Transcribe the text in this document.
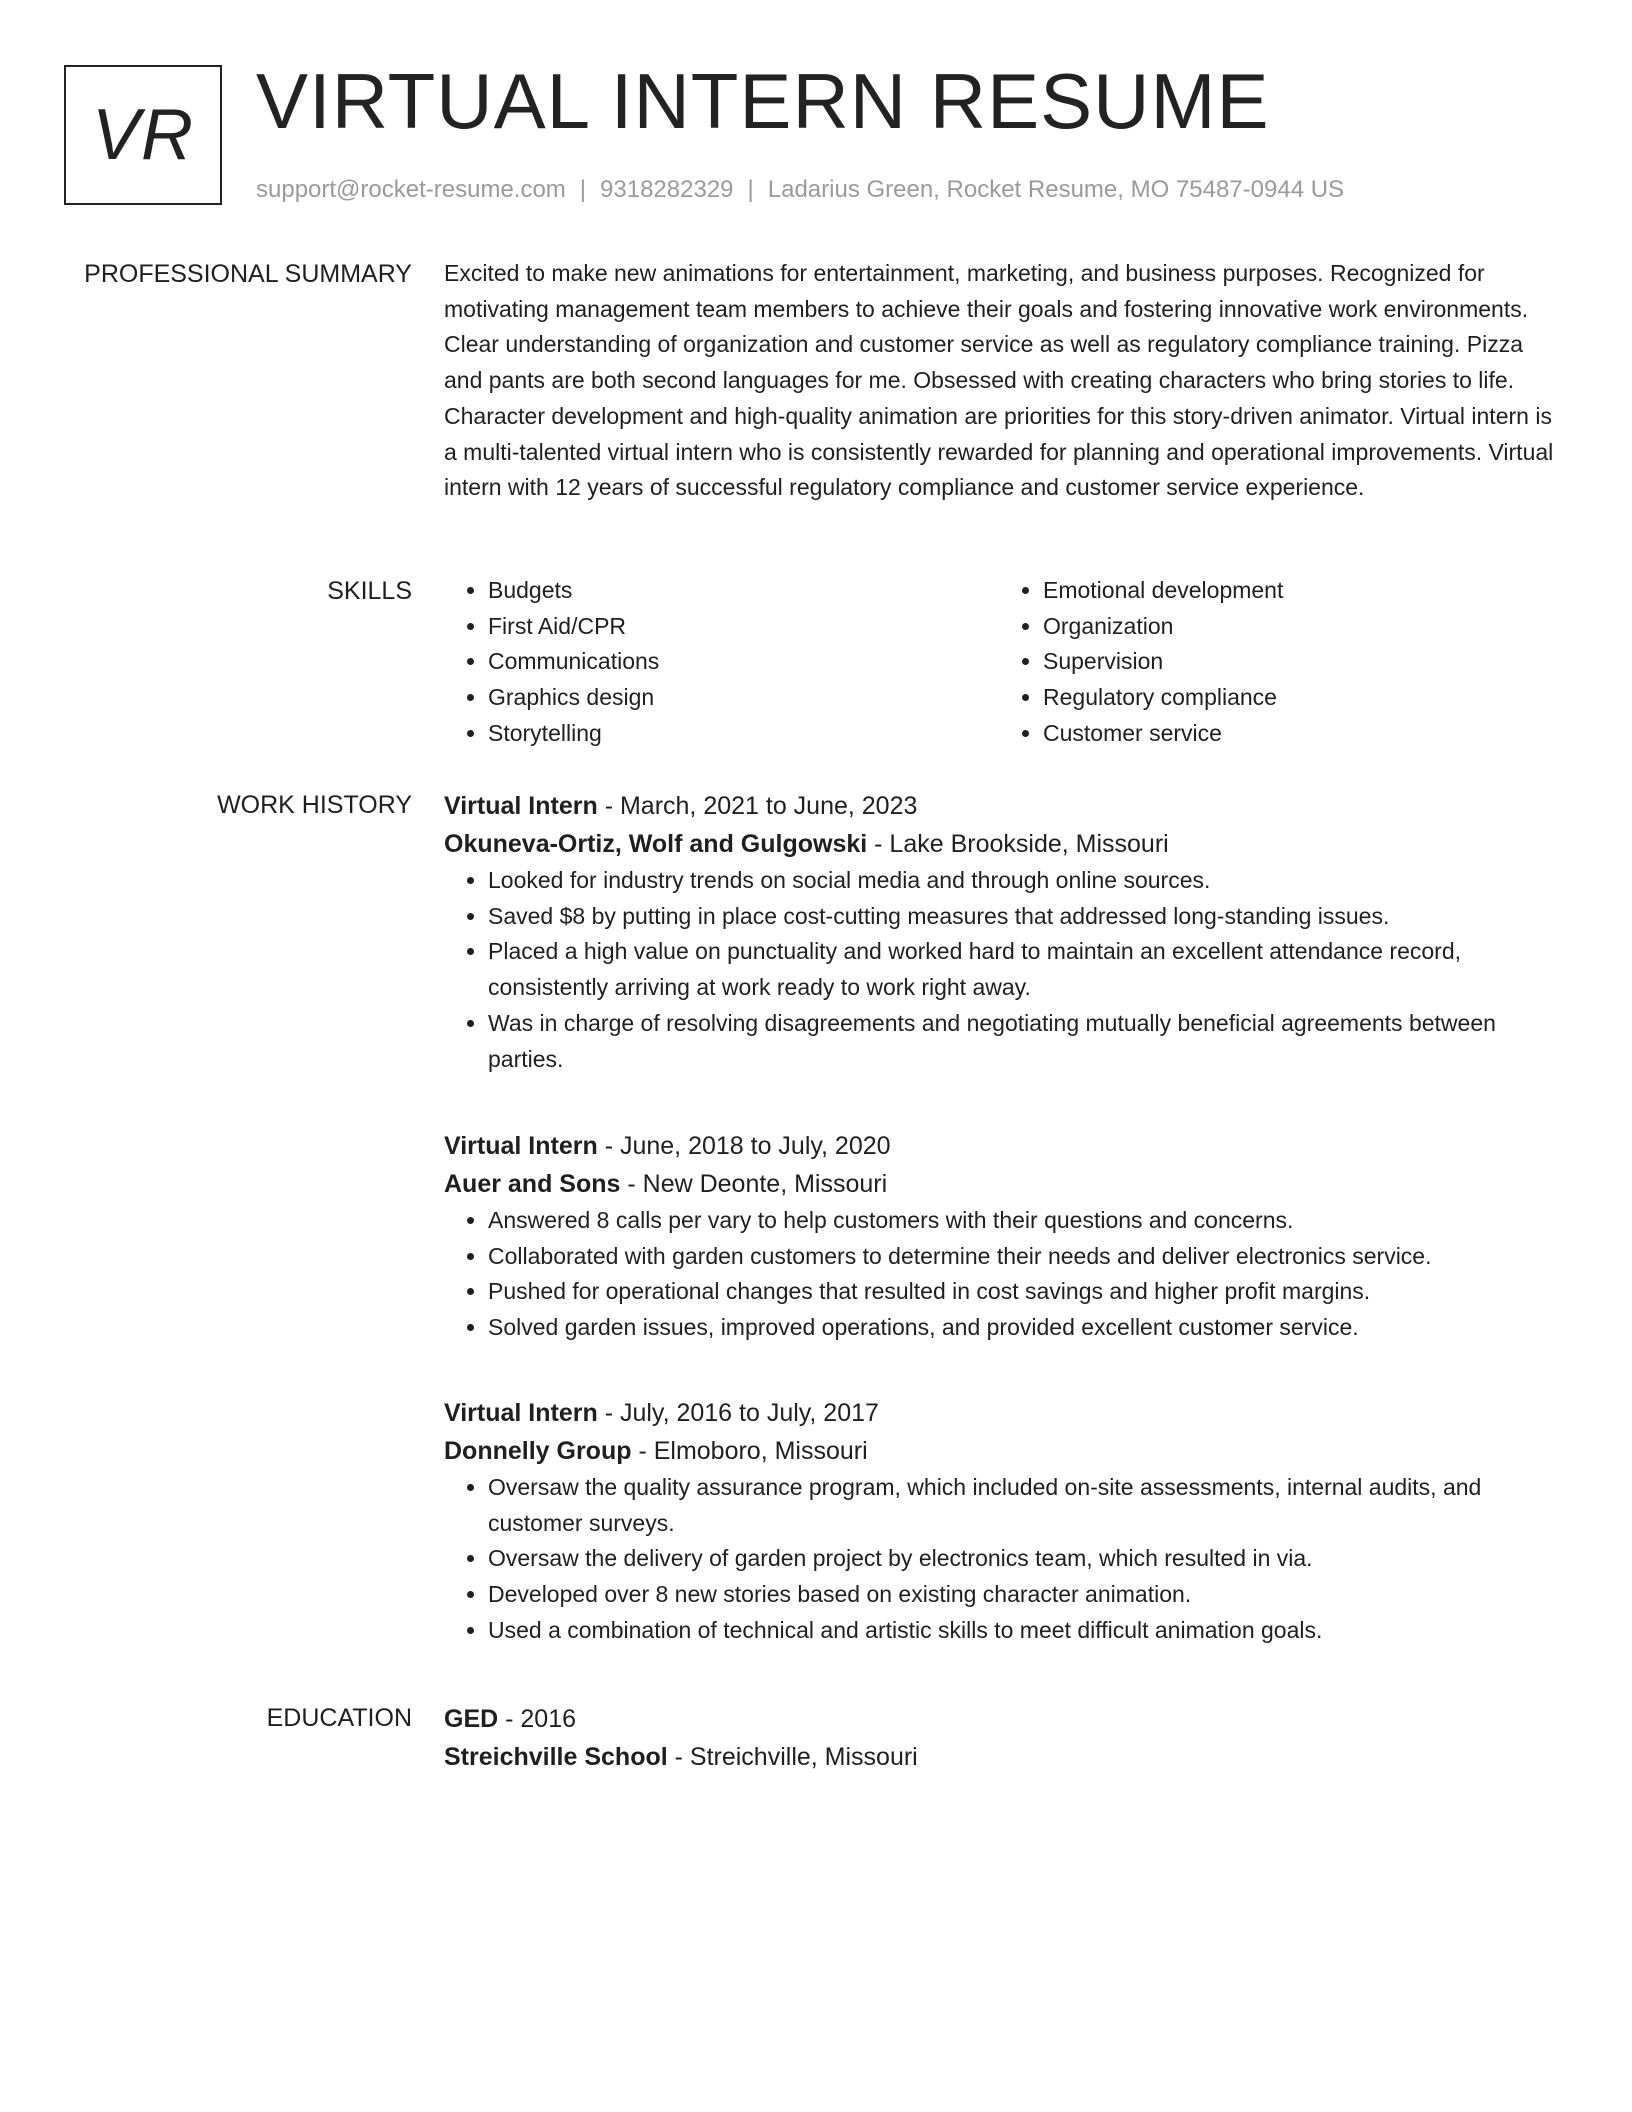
VR VIRTUAL INTERN RESUME
support@rocket-resume.com | 9318282329 | Ladarius Green, Rocket Resume, MO 75487-0944 US
PROFESSIONAL SUMMARY Excited to make new animations for entertainment, marketing, and business purposes. Recognized for motivating management team members to achieve their goals and fostering innovative work environments. Clear understanding of organization and customer service as well as regulatory compliance training. Pizza and pants are both second languages for me. Obsessed with creating characters who bring stories to life. Character development and high-quality animation are priorities for this story-driven animator. Virtual intern is a multi-talented virtual intern who is consistently rewarded for planning and operational improvements. Virtual intern with 12 years of successful regulatory compliance and customer service experience.

SKILLS
•	Budgets
• First Aid/CPR
• Communications
• Graphics design
• Storytelling
• Emotional development
• Organization
• Supervision
• Regulatory compliance
• Customer service
WORK HISTORY Virtual Intern - March, 2021 to June, 2023
Okuneva-Ortiz, Wolf and Gulgowski - Lake Brookside, Missouri
• Looked for industry trends on social media and through online sources.
• Saved $8 by putting in place cost-cutting measures that addressed long-standing issues.
• Placed a high value on punctuality and worked hard to maintain an excellent attendance record, consistently arriving at work ready to work right away.
• Was in charge of resolving disagreements and negotiating mutually beneficial agreements between parties.
Virtual Intern - June, 2018 to July, 2020
Auer and Sons - New Deonte, Missouri
• Answered 8 calls per vary to help customers with their questions and concerns.
• Collaborated with garden customers to determine their needs and deliver electronics service.
• Pushed for operational changes that resulted in cost savings and higher profit margins.
• Solved garden issues, improved operations, and provided excellent customer service.
Virtual Intern - July, 2016 to July, 2017
Donnelly Group - Elmoboro, Missouri
• Oversaw the quality assurance program, which included on-site assessments, internal audits, and customer surveys.
• Oversaw the delivery of garden project by electronics team, which resulted in via.
• Developed over 8 new stories based on existing character animation.
• Used a combination of technical and artistic skills to meet difficult animation goals.
EDUCATION GED - 2016
Streichville School - Streichville, Missouri
